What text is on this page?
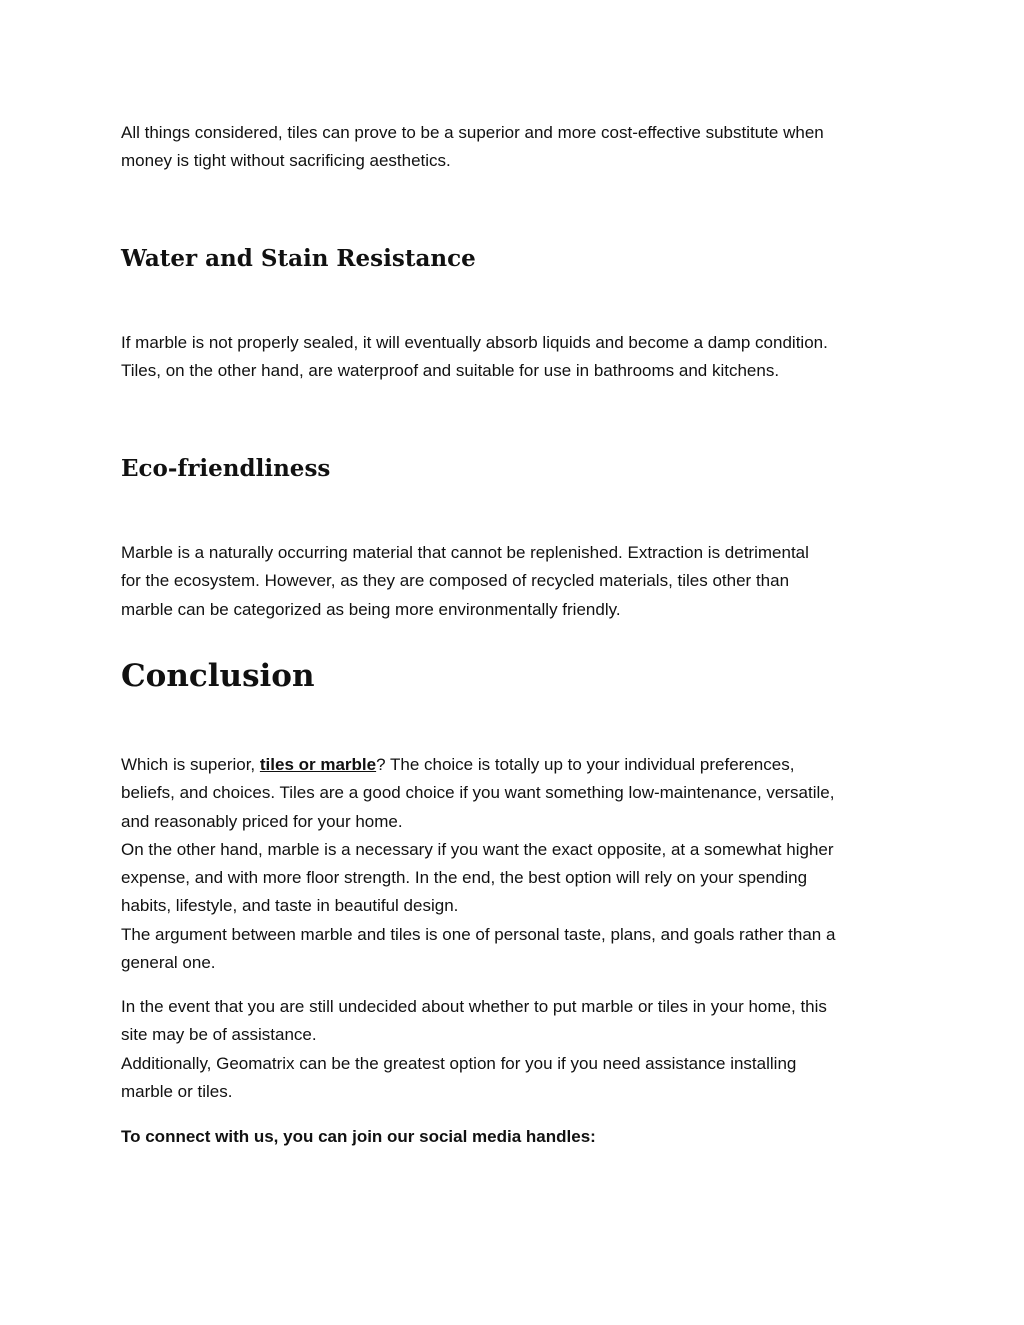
All things considered, tiles can prove to be a superior and more cost-effective substitute when
money is tight without sacrificing aesthetics.

Water and Stain Resistance

If marble is not properly sealed, it will eventually absorb liquids and become a damp condition.
Tiles, on the other hand, are waterproof and suitable for use in bathrooms and kitchens.

Eco-friendliness

Marble is a naturally occurring material that cannot be replenished. Extraction is detrimental
for the ecosystem. However, as they are composed of recycled materials, tiles other than
marble can be categorized as being more environmentally friendly.

Conclusion

Which is superior, tiles or marble? The choice is totally up to your individual preferences,
beliefs, and choices. Tiles are a good choice if you want something low-maintenance, versatile,
and reasonably priced for your home.
On the other hand, marble is a necessary if you want the exact opposite, at a somewhat higher
expense, and with more floor strength. In the end, the best option will rely on your spending
habits, lifestyle, and taste in beautiful design.
The argument between marble and tiles is one of personal taste, plans, and goals rather than a
general one.

In the event that you are still undecided about whether to put marble or tiles in your home, this
site may be of assistance.
Additionally, Geomatrix can be the greatest option for you if you need assistance installing
marble or tiles.

To connect with us, you can join our social media handles:
